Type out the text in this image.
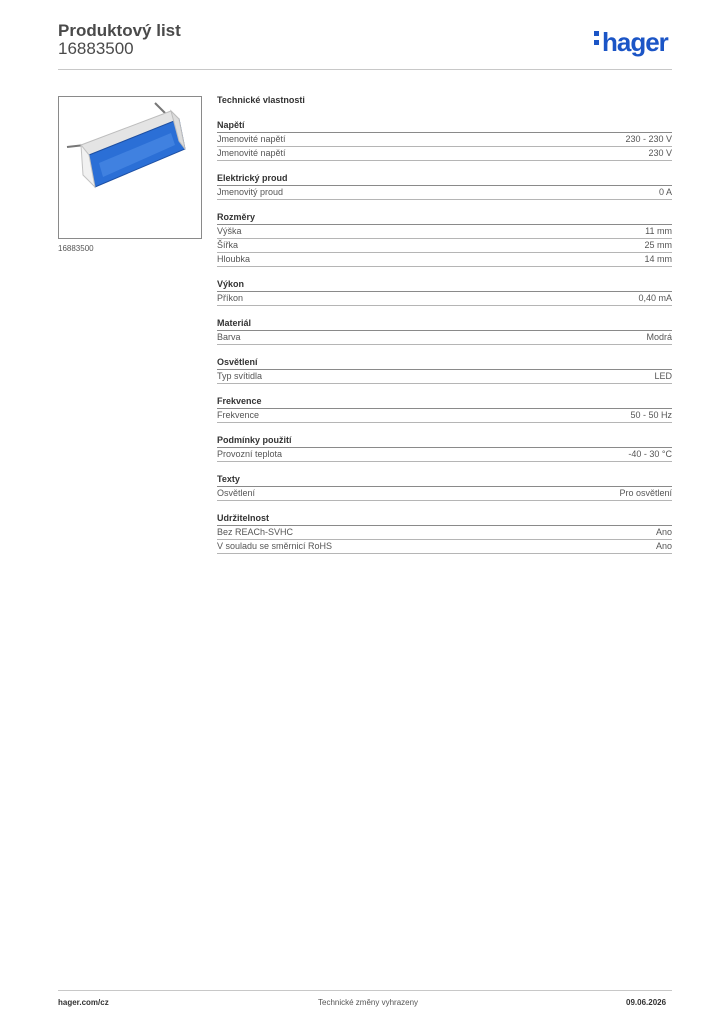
Produktový list
16883500	hager
16883500
Technické vlastnosti
Napětí
Jmenovité napětí	230 - 230 V
Jmenovité napětí	230 V
Elektrický proud
Jmenovitý proud	0 A
Rozměry
Výška	11 mm
Šířka	25 mm
Hloubka	14 mm
Výkon
Příkon	0,40 mA
Materiál
Barva	Modrá
Osvětlení
Typ svítidla	LED
Frekvence
Frekvence	50 - 50 Hz
Podmínky použití
Provozní teplota	-40 - 30 °C
Texty
Osvětlení	Pro osvětlení
Udržitelnost
Bez REACh-SVHC	Ano
V souladu se směrnicí RoHS	Ano
hager.com/cz	Technické změny vyhrazeny	09.06.2026
